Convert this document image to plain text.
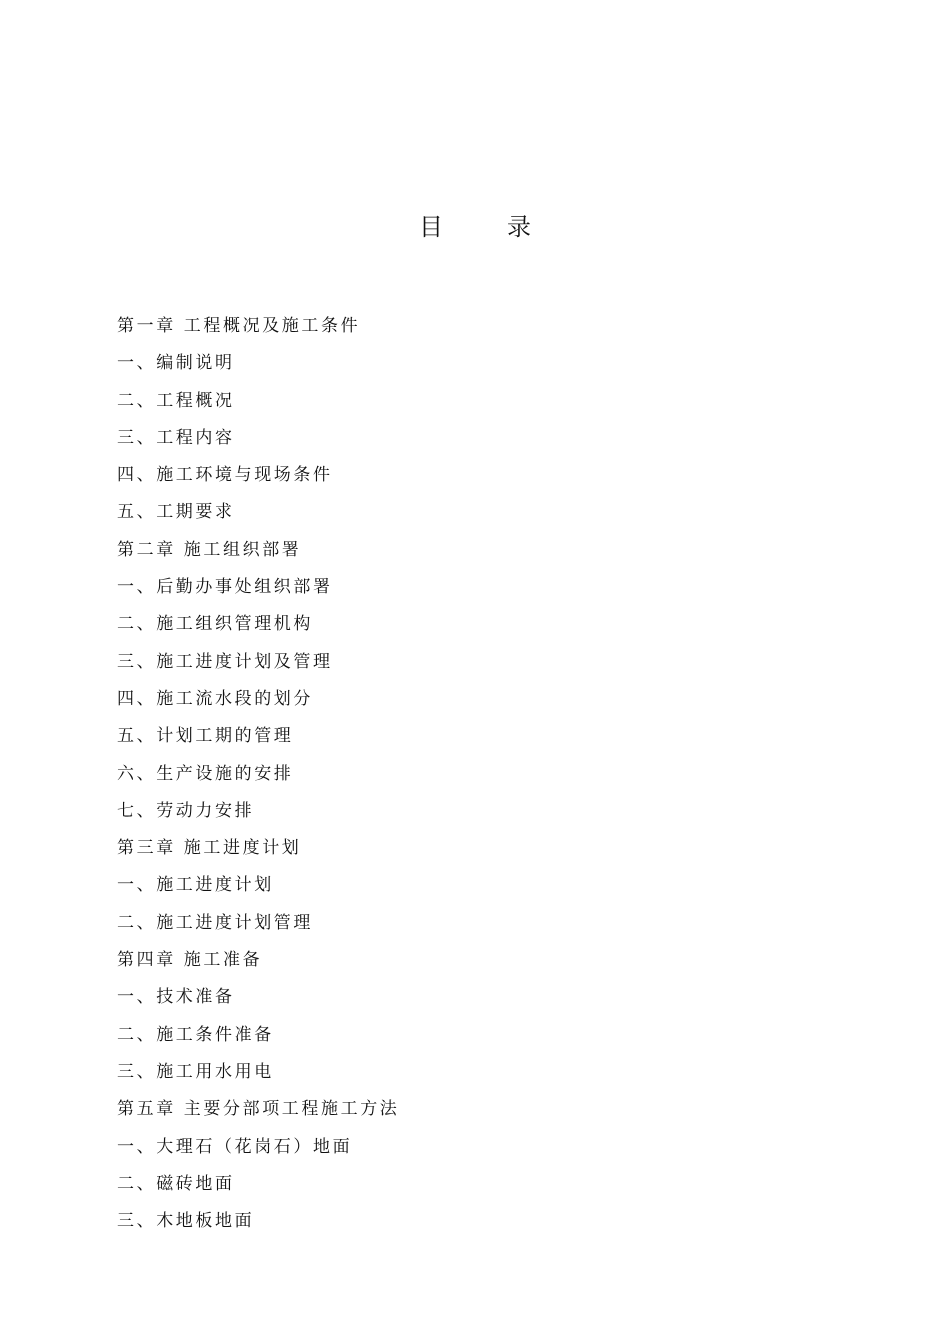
目	录
第一章 工程概况及施工条件
一、编制说明
二、工程概况
三、工程内容
四、施工环境与现场条件
五、工期要求
第二章 施工组织部署
一、后勤办事处组织部署
二、施工组织管理机构
三、施工进度计划及管理
四、施工流水段的划分
五、计划工期的管理
六、生产设施的安排
七、劳动力安排
第三章 施工进度计划
一、施工进度计划
二、施工进度计划管理
第四章 施工准备
一、技术准备
二、施工条件准备
三、施工用水用电
第五章 主要分部项工程施工方法
一、大理石（花岗石）地面
二、磁砖地面
三、木地板地面
